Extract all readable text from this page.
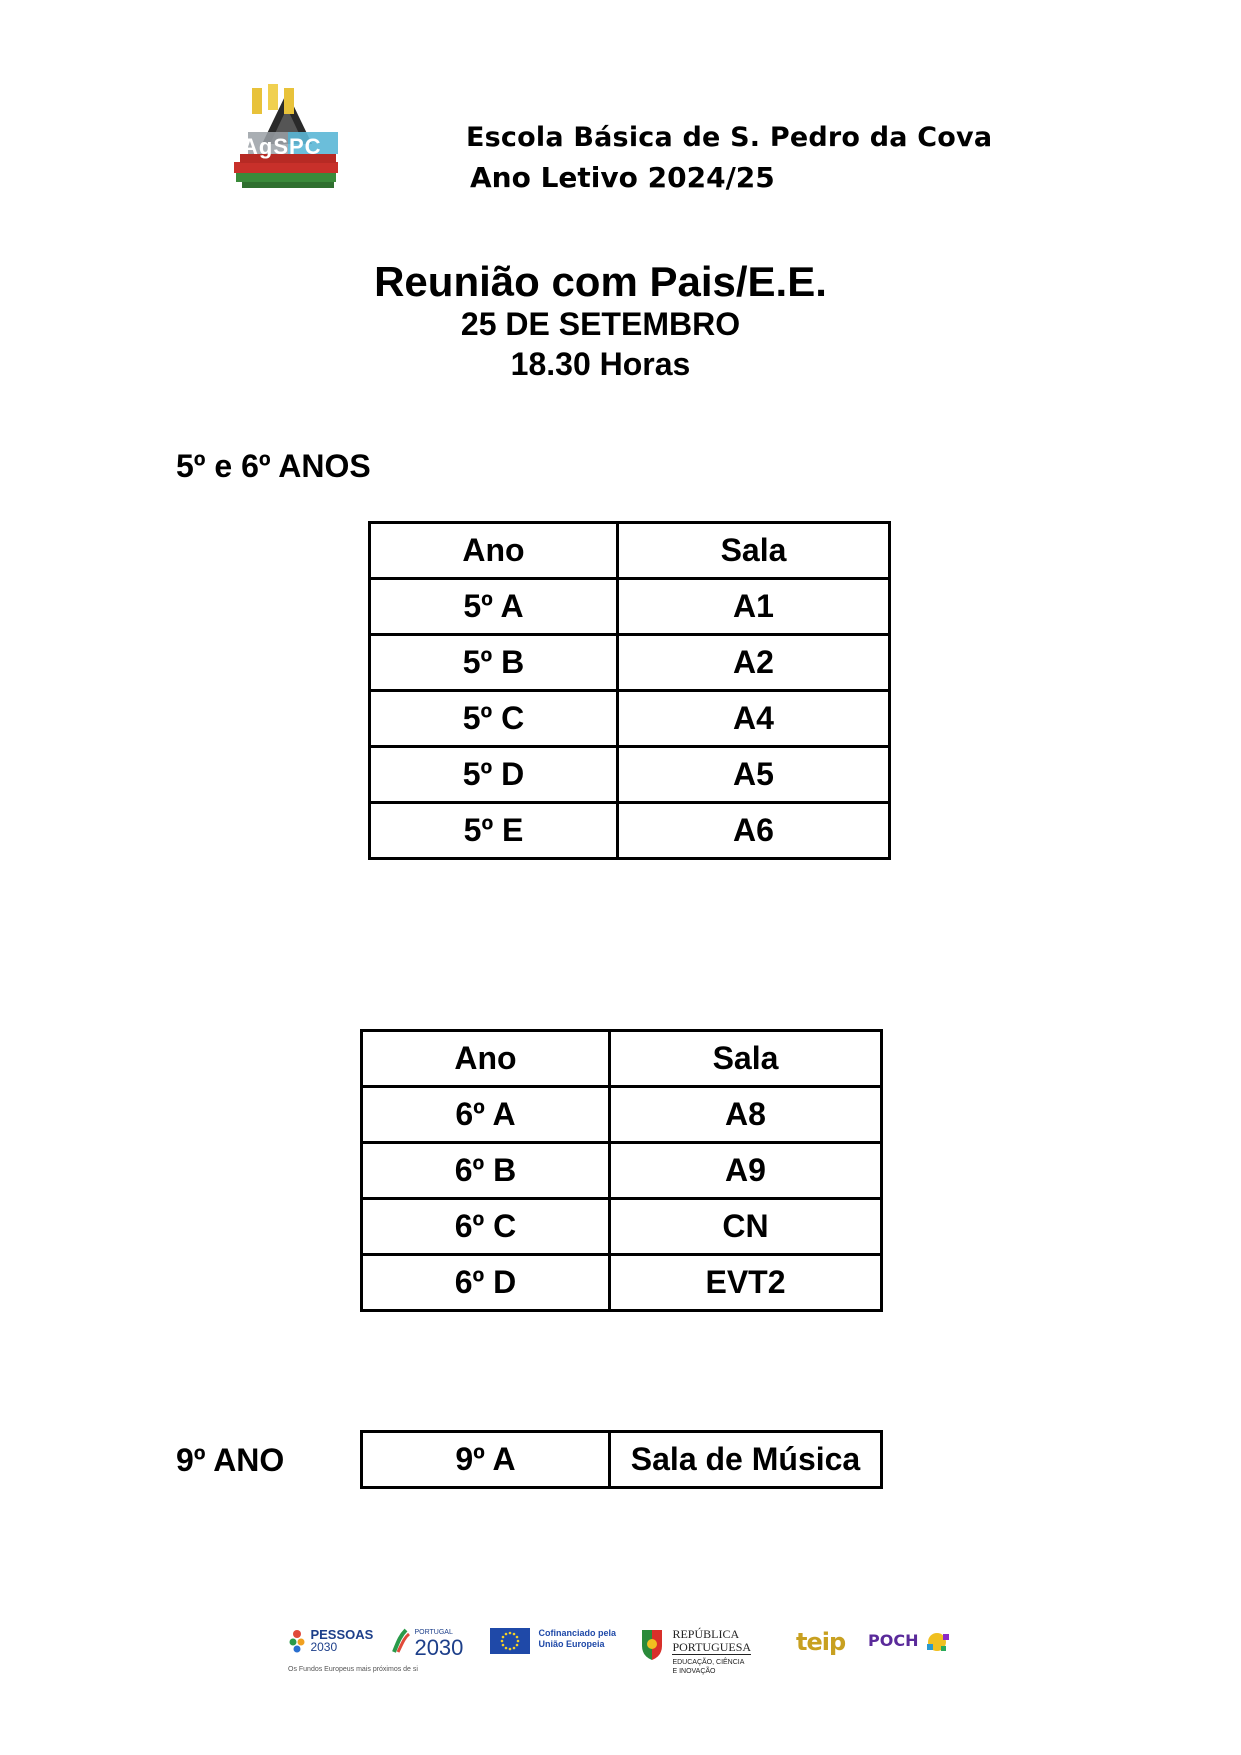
AgSPC	Escola Básica de S. Pedro da Cova
Ano Letivo 2024/25
Reunião com Pais/E.E.
25 DE SETEMBRO
18.30 Horas
5º e 6º ANOS
Ano	Sala
5º A	A1
5º B	A2
5º C	A4
5º D	A5
5º E	A6
Ano	Sala
6º A	A8
6º B	A9
6º C	CN
6º D	EVT2
9º ANO	9º A	Sala de Música

PESSOAS
2030
Os Fundos Europeus mais próximos de si

PORTUGAL
2030

Cofinanciado pela
União Europeia

REPÚBLICA
PORTUGUESA
EDUCAÇÃO, CIÊNCIA
E INOVAÇÃO
teip POCH
